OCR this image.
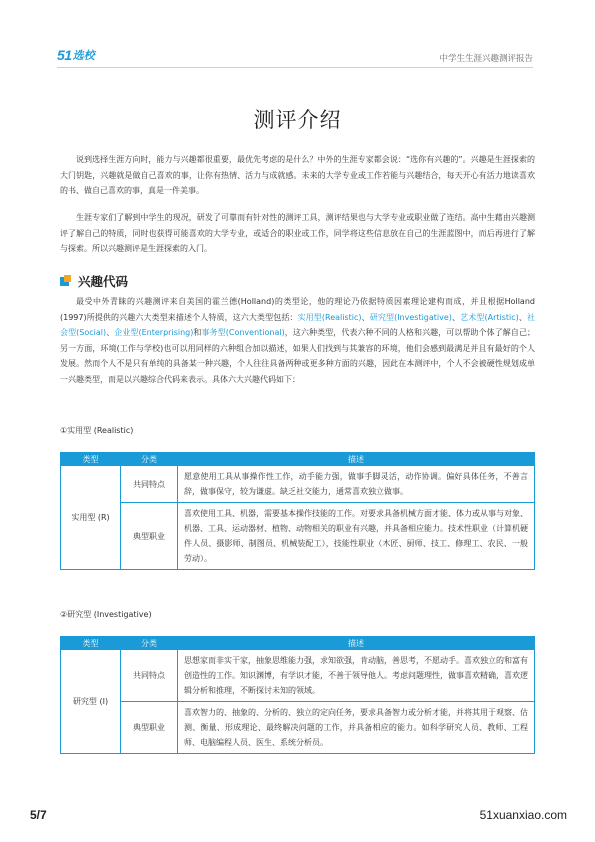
51 选校	中学生生涯兴趣测评报告
测评介绍

说到选择生涯方向时，能力与兴趣都很重要，最优先考虑的是什么？中外的生涯专家都会说：“选你有兴趣的”。兴趣是生涯探索的大门钥匙，兴趣就是做自己喜欢的事，让你有热情、活力与成就感。未来的大学专业或工作若能与兴趣结合，每天开心有活力地读喜欢的书、做自己喜欢的事，真是一件美事。

生涯专家们了解到中学生的现况，研发了可靠而有针对性的测评工具，测评结果也与大学专业或职业做了连结。高中生藉由兴趣测评了解自己的特质，同时也获得可能喜欢的大学专业，或适合的职业或工作，同学将这些信息放在自己的生涯蓝图中，而后再进行了解与探索。所以兴趣测评是生涯探索的入门。

兴趣代码

最受中外青睐的兴趣测评来自美国的霍兰德(Holland)的类型论，他的理论乃依据特质因素理论建构而成，并且根据Holland (1997)所提供的兴趣六大类型来描述个人特质，这六大类型包括：实用型(Realistic)、研究型(Investigative)、艺术型(Artistic)、社会型(Social)、企业型(Enterprising)和事务型(Conventional)，这六种类型，代表六种不同的人格和兴趣，可以帮助个体了解自己；另一方面，环境(工作与学校)也可以用同样的六种组合加以描述，如果人们找到与其兼容的环境，他们会感到最满足并且有最好的个人发展。然而个人不是只有单纯的具备某一种兴趣，个人往往具备两种或更多种方面的兴趣，因此在本测评中，个人不会被硬性规划成单一兴趣类型，而是以兴趣综合代码来表示。具体六大兴趣代码如下：

①实用型 (Realistic)
类型	分类	描述
实用型 (R)	共同特点	愿意使用工具从事操作性工作，动手能力强，做事手脚灵活，动作协调。偏好具体任务，不善言辞，做事保守，较为谦虚。缺乏社交能力，通常喜欢独立做事。
	典型职业	喜欢使用工具、机器，需要基本操作技能的工作。对要求具备机械方面才能、体力或从事与对象、机器、工具、运动器材、植物、动物相关的职业有兴趣，并具备相应能力。技术性职业（计算机硬件人员、摄影师、制图员、机械装配工），技能性职业（木匠、厨师、技工、修理工、农民、一般劳动）。
②研究型 (Investigative)
类型	分类	描述
研究型 (I)	共同特点	思想家而非实干家，抽象思维能力强，求知欲强，肯动脑，善思考，不愿动手。喜欢独立的和富有创造性的工作。知识渊博，有学识才能，不善于领导他人。考虑问题理性，做事喜欢精确，喜欢逻辑分析和推理，不断探讨未知的领域。
	典型职业	喜欢智力的、抽象的、分析的、独立的定向任务，要求具备智力或分析才能，并将其用于观察、估测、衡量、形成理论、最终解决问题的工作，并具备相应的能力。如科学研究人员、教师、工程师、电脑编程人员、医生、系统分析员。
5/7	51xuanxiao.com
